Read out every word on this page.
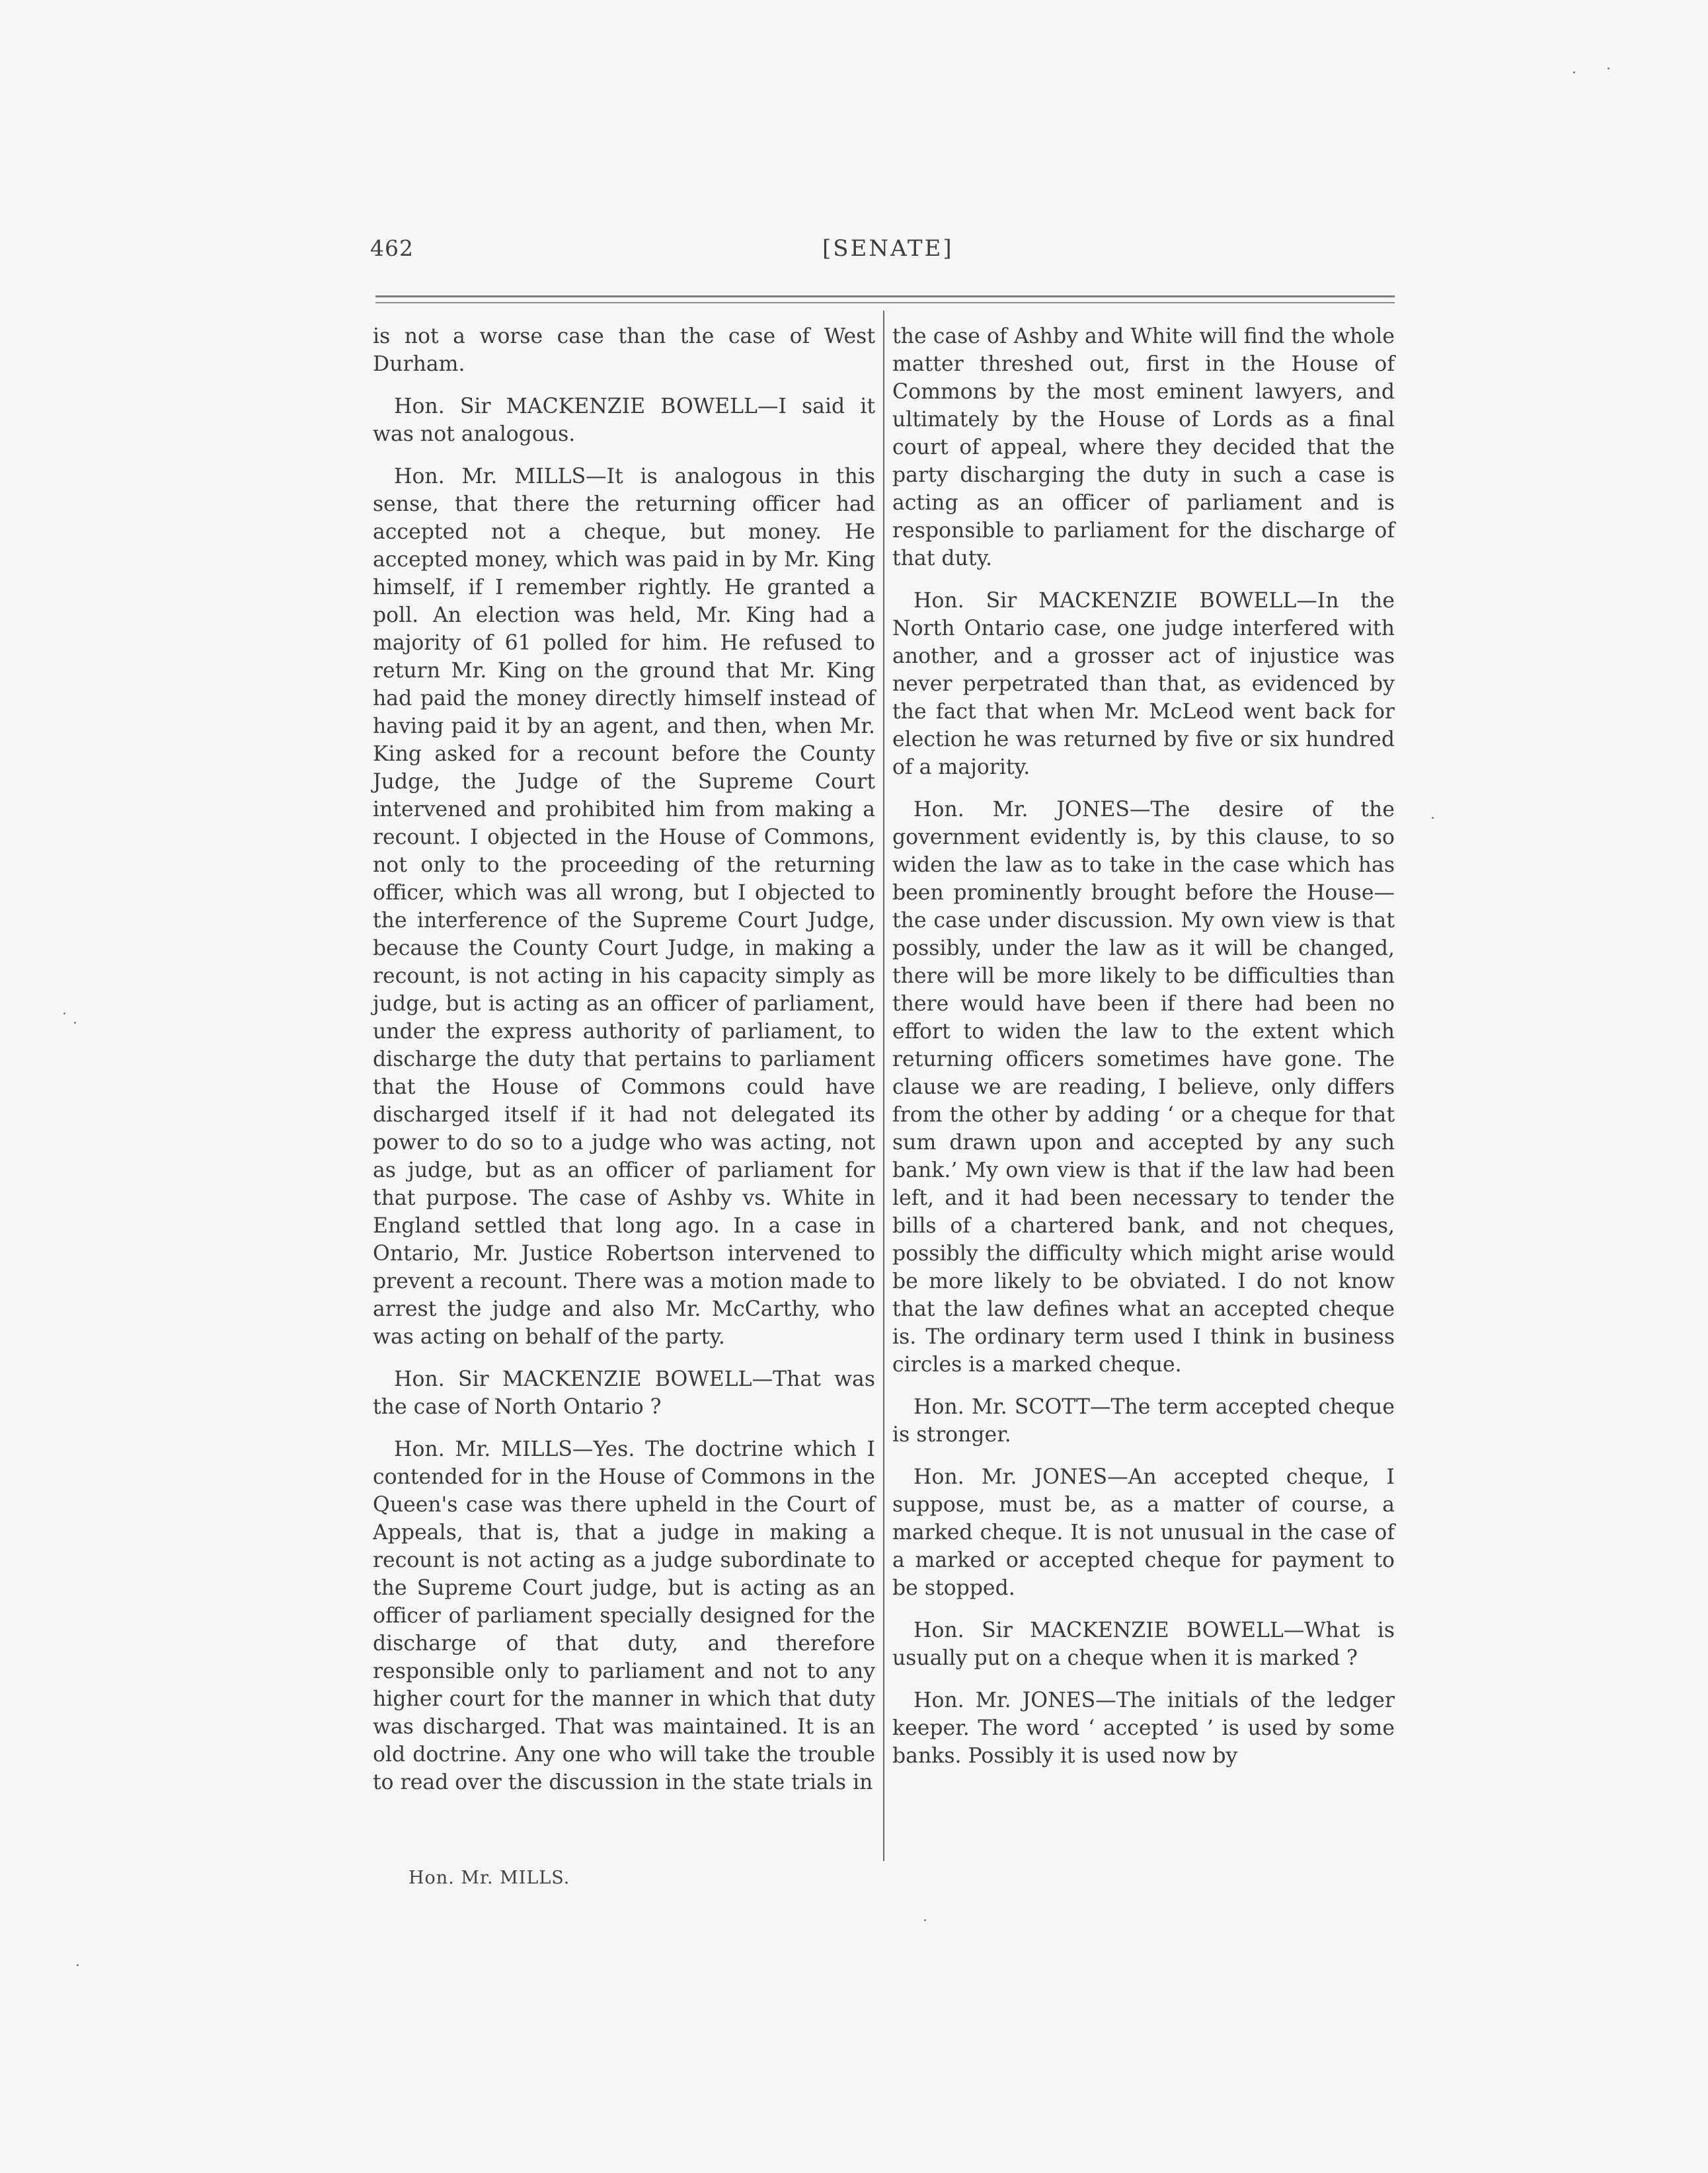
462	[SENATE]

is not a worse case than the case of West Durham.

Hon. Sir MACKENZIE BOWELL—I said it was not analogous.

Hon. Mr. MILLS—It is analogous in this sense, that there the returning officer had accepted not a cheque, but money. He accepted money, which was paid in by Mr. King himself, if I remember rightly. He granted a poll. An election was held, Mr. King had a majority of 61 polled for him. He refused to return Mr. King on the ground that Mr. King had paid the money directly himself instead of having paid it by an agent, and then, when Mr. King asked for a recount before the County Judge, the Judge of the Supreme Court intervened and prohibited him from making a recount. I objected in the House of Commons, not only to the proceeding of the returning officer, which was all wrong, but I objected to the interference of the Supreme Court Judge, because the County Court Judge, in making a recount, is not acting in his capacity simply as judge, but is acting as an officer of parliament, under the express authority of parliament, to discharge the duty that pertains to parliament that the House of Commons could have discharged itself if it had not delegated its power to do so to a judge who was acting, not as judge, but as an officer of parliament for that purpose. The case of Ashby vs. White in England settled that long ago. In a case in Ontario, Mr. Justice Robertson intervened to prevent a recount. There was a motion made to arrest the judge and also Mr. McCarthy, who was acting on behalf of the party.

Hon. Sir MACKENZIE BOWELL—That was the case of North Ontario ?

Hon. Mr. MILLS—Yes. The doctrine which I contended for in the House of Commons in the Queen's case was there upheld in the Court of Appeals, that is, that a judge in making a recount is not acting as a judge subordinate to the Supreme Court judge, but is acting as an officer of parliament specially designed for the discharge of that duty, and therefore responsible only to parliament and not to any higher court for the manner in which that duty was discharged. That was maintained. It is an old doctrine. Any one who will take the trouble to read over the discussion in the state trials in

the case of Ashby and White will find the whole matter threshed out, first in the House of Commons by the most eminent lawyers, and ultimately by the House of Lords as a final court of appeal, where they decided that the party discharging the duty in such a case is acting as an officer of parliament and is responsible to parliament for the discharge of that duty.

Hon. Sir MACKENZIE BOWELL—In the North Ontario case, one judge interfered with another, and a grosser act of injustice was never perpetrated than that, as evidenced by the fact that when Mr. McLeod went back for election he was returned by five or six hundred of a majority.

Hon. Mr. JONES—The desire of the government evidently is, by this clause, to so widen the law as to take in the case which has been prominently brought before the House—the case under discussion. My own view is that possibly, under the law as it will be changed, there will be more likely to be difficulties than there would have been if there had been no effort to widen the law to the extent which returning officers sometimes have gone. The clause we are reading, I believe, only differs from the other by adding ‘ or a cheque for that sum drawn upon and accepted by any such bank.’ My own view is that if the law had been left, and it had been necessary to tender the bills of a chartered bank, and not cheques, possibly the difficulty which might arise would be more likely to be obviated. I do not know that the law defines what an accepted cheque is. The ordinary term used I think in business circles is a marked cheque.

Hon. Mr. SCOTT—The term accepted cheque is stronger.

Hon. Mr. JONES—An accepted cheque, I suppose, must be, as a matter of course, a marked cheque. It is not unusual in the case of a marked or accepted cheque for payment to be stopped.

Hon. Sir MACKENZIE BOWELL—What is usually put on a cheque when it is marked ?

Hon. Mr. JONES—The initials of the ledger keeper. The word ‘ accepted ’ is used by some banks. Possibly it is used now by

Hon. Mr. MILLS.
